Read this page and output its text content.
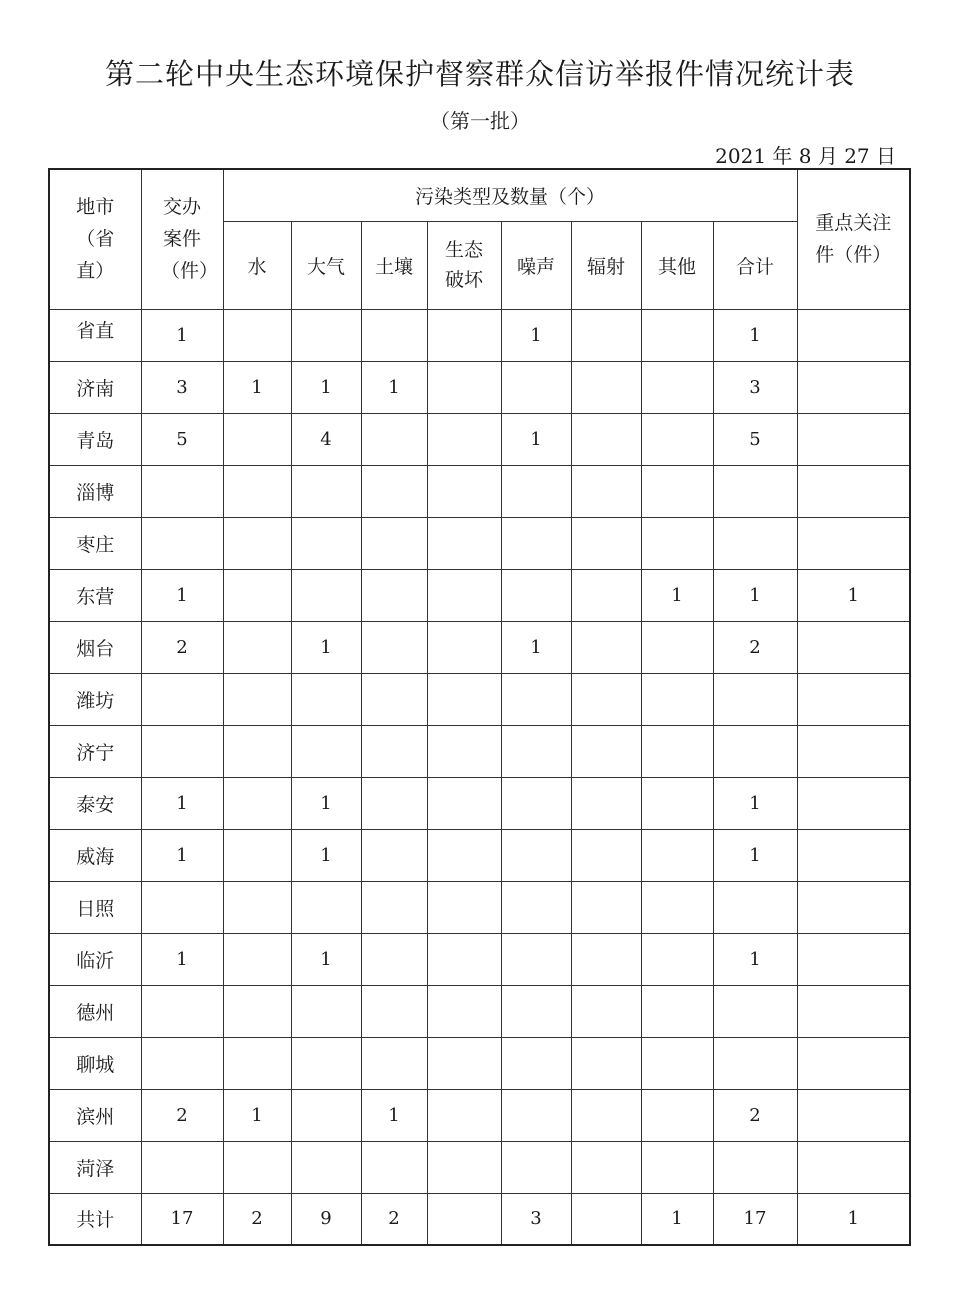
第二轮中央生态环境保护督察群众信访举报件情况统计表
（第一批）
2021 年 8 月 27 日
地市（省直）	交办案件（件）	污染类型及数量（个）								重点关注件（件）
		水	大气	土壤	生态破坏	噪声	辐射	其他	合计	
省直	1					1			1	
济南	3	1	1	1					3	
青岛	5		4			1			5	
淄博										
枣庄										
东营	1							1	1	1
烟台	2		1			1			2	
潍坊										
济宁										
泰安	1		1						1	
威海	1		1						1	
日照										
临沂	1		1						1	
德州										
聊城										
滨州	2	1		1					2	
菏泽										
共计	17	2	9	2		3		1	17	1
